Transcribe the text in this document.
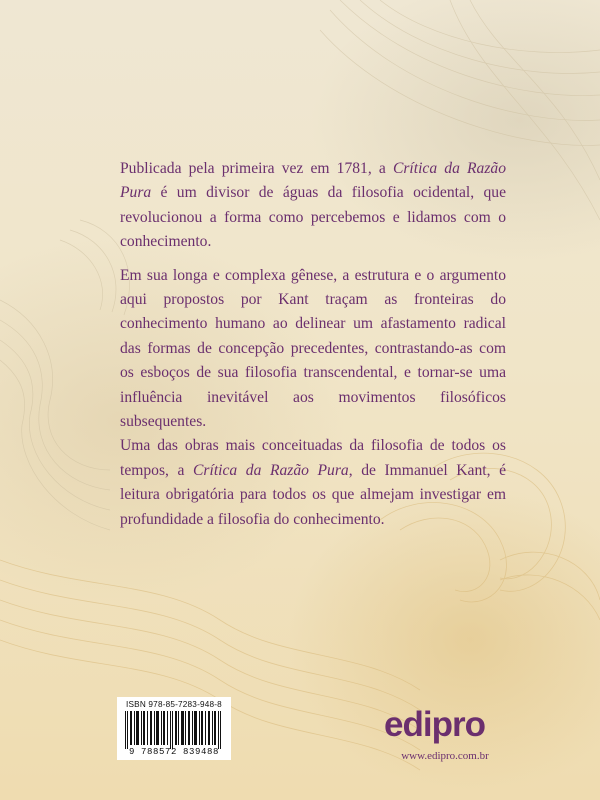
Publicada pela primeira vez em 1781, a Crítica da Razão Pura é um divisor de águas da filosofia ocidental, que revolucionou a forma como percebemos e lidamos com o conhecimento.

Em sua longa e complexa gênese, a estrutura e o argumento aqui propostos por Kant traçam as fronteiras do conhecimento humano ao delinear um afastamento radical das formas de concepção precedentes, contrastando-as com os esboços de sua filosofia transcendental, e tornar-se uma influência inevitável aos movimentos filosóficos subsequentes.

Uma das obras mais conceituadas da filosofia de todos os tempos, a Crítica da Razão Pura, de Immanuel Kant, é leitura obrigatória para todos os que almejam investigar em profundidade a filosofia do conhecimento.

ISBN 978-85-7283-948-8
9 788572 839488
edipro
www.edipro.com.br
